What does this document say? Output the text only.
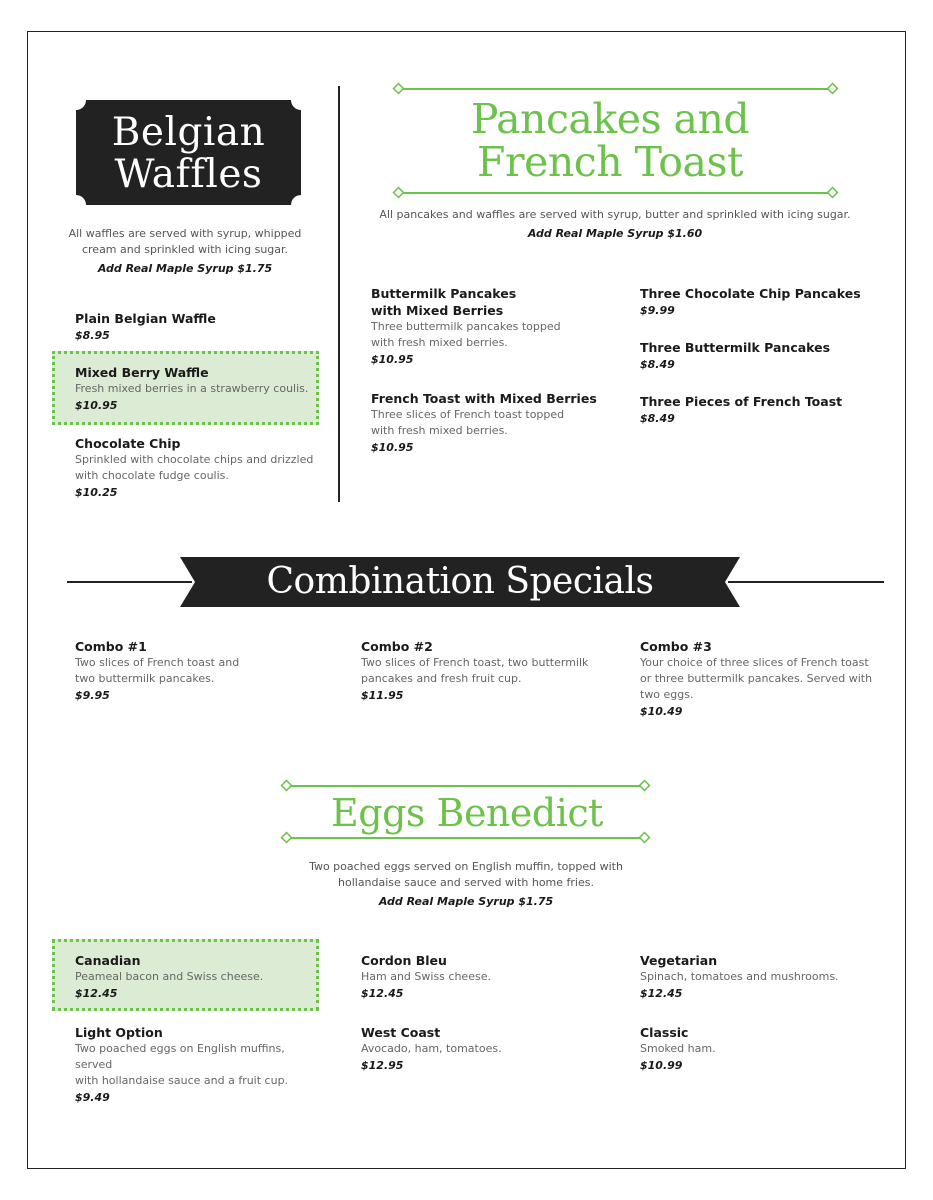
Belgian
Waffles
All waffles are served with syrup, whipped
cream and sprinkled with icing sugar.
Add Real Maple Syrup $1.75
Plain Belgian Waffle
$8.95
Mixed Berry Waffle
Fresh mixed berries in a strawberry coulis.
$10.95
Chocolate Chip
Sprinkled with chocolate chips and drizzled
with chocolate fudge coulis.
$10.25
Pancakes and
French Toast
All pancakes and waffles are served with syrup, butter and sprinkled with icing sugar.
Add Real Maple Syrup $1.60
Buttermilk Pancakes
with Mixed Berries
Three buttermilk pancakes topped
with fresh mixed berries.
$10.95
French Toast with Mixed Berries
Three slices of French toast topped
with fresh mixed berries.
$10.95
Three Chocolate Chip Pancakes
$9.99
Three Buttermilk Pancakes
$8.49
Three Pieces of French Toast
$8.49
Combination Specials
Combo #1
Two slices of French toast and
two buttermilk pancakes.
$9.95
Combo #2
Two slices of French toast, two buttermilk
pancakes and fresh fruit cup.
$11.95
Combo #3
Your choice of three slices of French toast
or three buttermilk pancakes. Served with
two eggs.
$10.49
Eggs Benedict
Two poached eggs served on English muffin, topped with
hollandaise sauce and served with home fries.
Add Real Maple Syrup $1.75
Canadian
Peameal bacon and Swiss cheese.
$12.45
Cordon Bleu
Ham and Swiss cheese.
$12.45
Vegetarian
Spinach, tomatoes and mushrooms.
$12.45
Light Option
Two poached eggs on English muffins, served
with hollandaise sauce and a fruit cup.
$9.49
West Coast
Avocado, ham, tomatoes.
$12.95
Classic
Smoked ham.
$10.99
